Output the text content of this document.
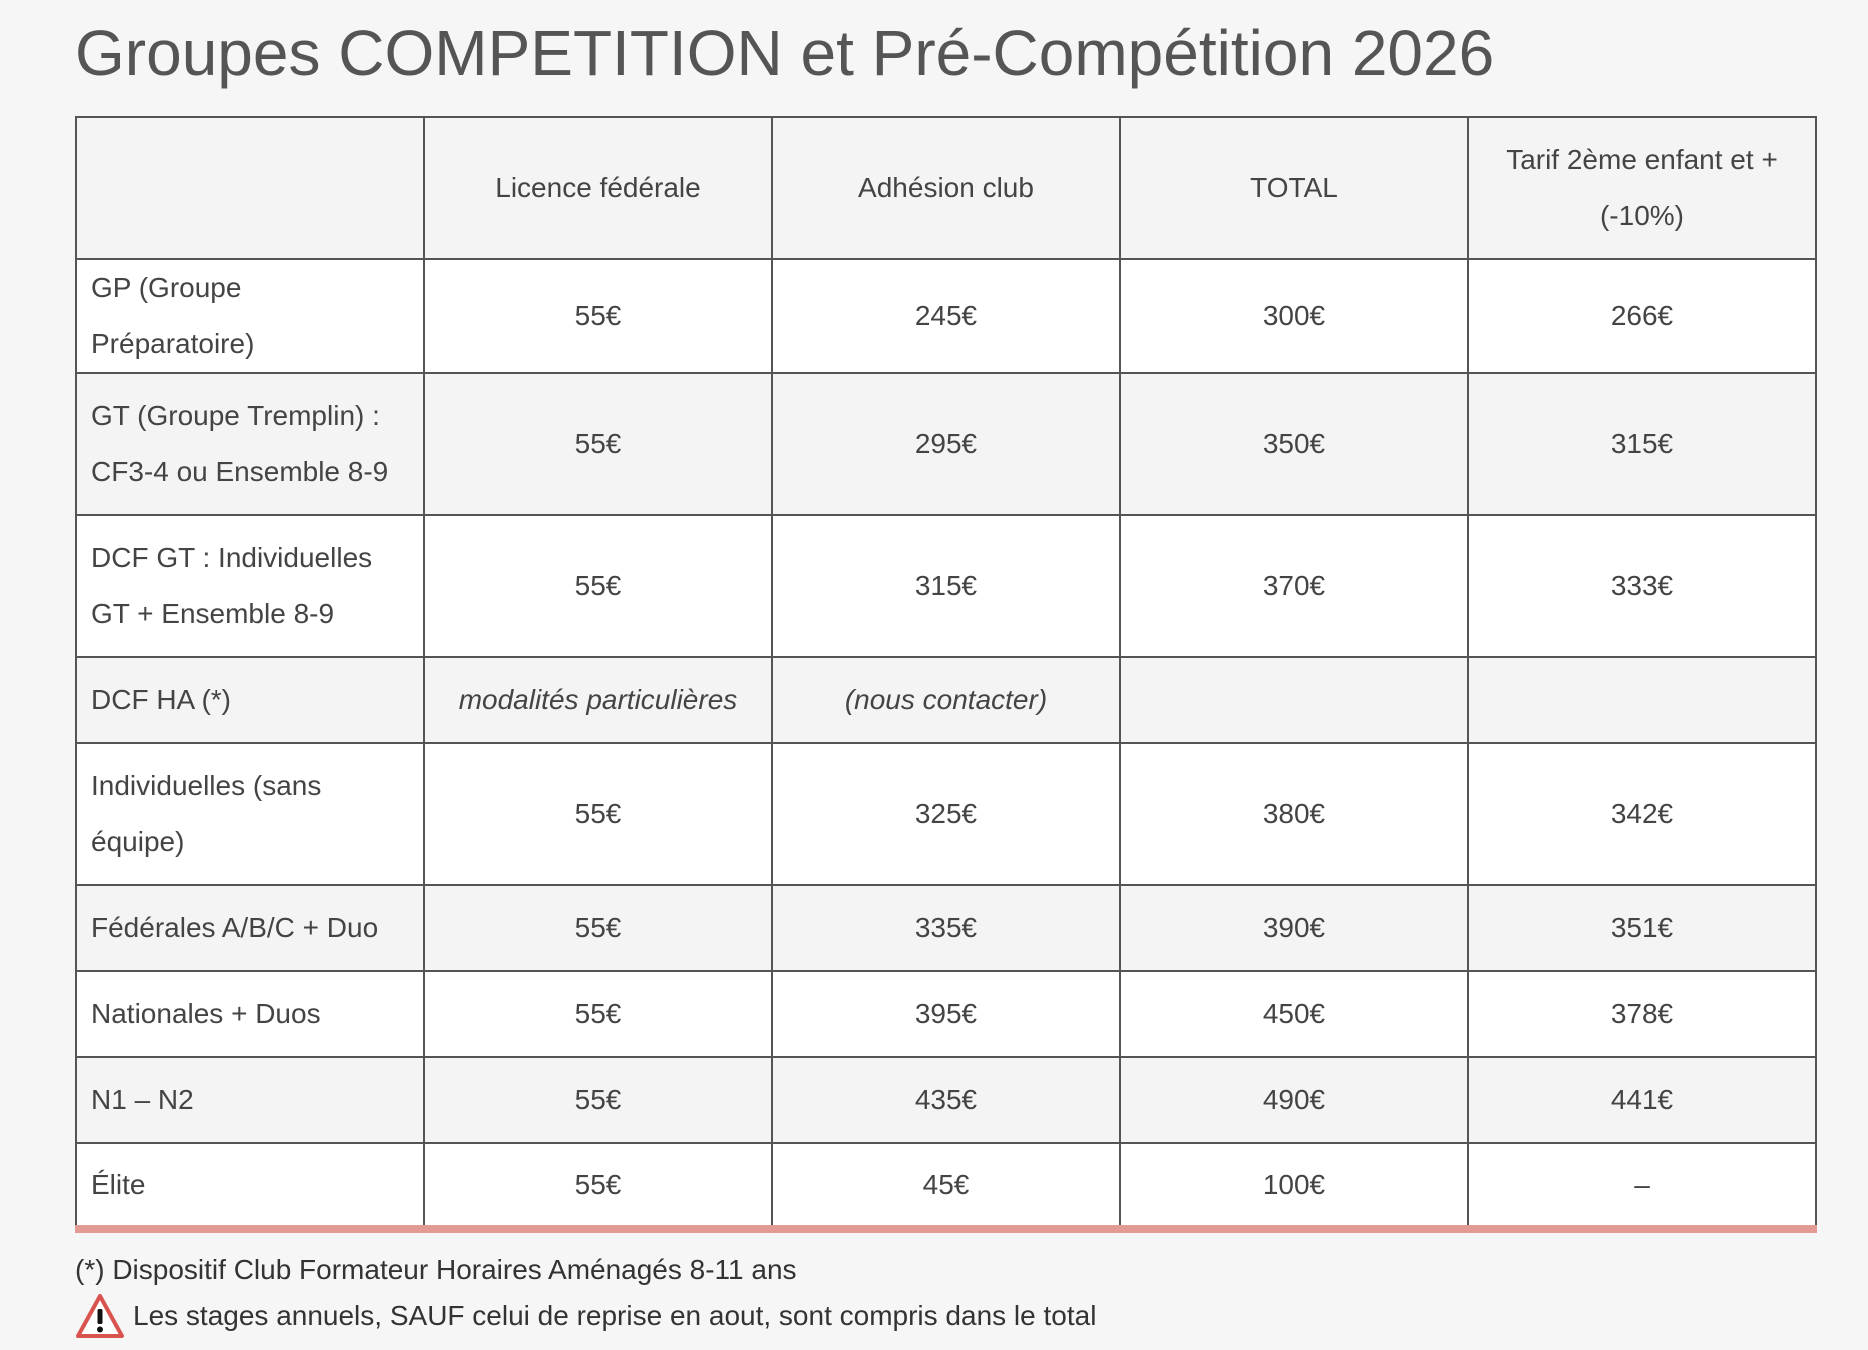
Groupes COMPETITION et Pré-Compétition 2026
	Licence fédérale	Adhésion club	TOTAL	Tarif 2ème enfant et + (-10%)
GP (Groupe Préparatoire)	55€	245€	300€	266€
GT (Groupe Tremplin) : CF3-4 ou Ensemble 8-9	55€	295€	350€	315€
DCF GT : Individuelles GT + Ensemble 8-9	55€	315€	370€	333€
DCF HA (*)	modalités particulières	(nous contacter)		
Individuelles (sans équipe)	55€	325€	380€	342€
Fédérales A/B/C + Duo	55€	335€	390€	351€
Nationales + Duos	55€	395€	450€	378€
N1 – N2	55€	435€	490€	441€
Élite	55€	45€	100€	–
(*) Dispositif Club Formateur Horaires Aménagés 8-11 ans
Les stages annuels, SAUF celui de reprise en aout, sont compris dans le total
